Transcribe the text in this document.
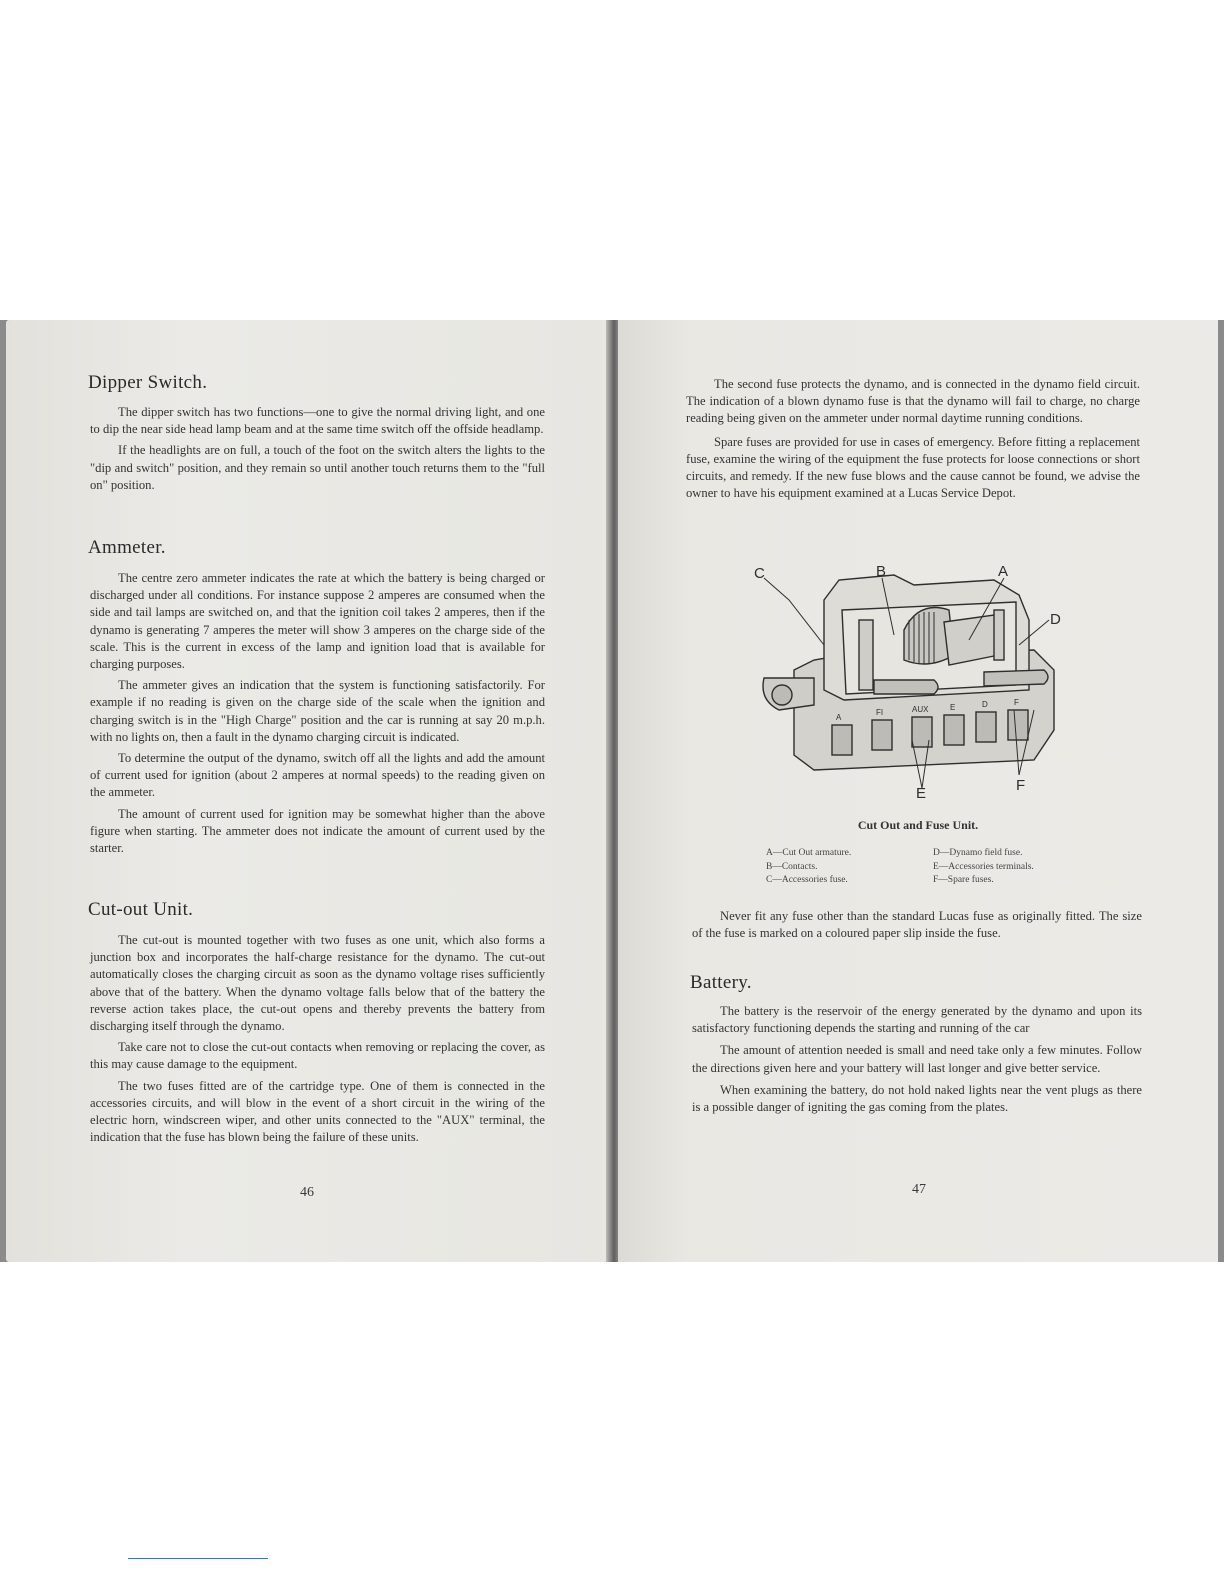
Dipper Switch.

The dipper switch has two functions—one to give the normal driving light, and one to dip the near side head lamp beam and at the same time switch off the offside headlamp.

If the headlights are on full, a touch of the foot on the switch alters the lights to the "dip and switch" position, and they remain so until another touch returns them to the "full on" position.

Ammeter.

The centre zero ammeter indicates the rate at which the battery is being charged or discharged under all conditions. For instance suppose 2 amperes are consumed when the side and tail lamps are switched on, and that the ignition coil takes 2 amperes, then if the dynamo is generating 7 amperes the meter will show 3 amperes on the charge side of the scale. This is the current in excess of the lamp and ignition load that is available for charging purposes.

The ammeter gives an indication that the system is functioning satisfactorily. For example if no reading is given on the charge side of the scale when the ignition and charging switch is in the "High Charge" position and the car is running at say 20 m.p.h. with no lights on, then a fault in the dynamo charging circuit is indicated.

To determine the output of the dynamo, switch off all the lights and add the amount of current used for ignition (about 2 amperes at normal speeds) to the reading given on the ammeter.

The amount of current used for ignition may be somewhat higher than the above figure when starting. The ammeter does not indicate the amount of current used by the starter.

Cut-out Unit.

The cut-out is mounted together with two fuses as one unit, which also forms a junction box and incorporates the half-charge resistance for the dynamo. The cut-out automatically closes the charging circuit as soon as the dynamo voltage rises sufficiently above that of the battery. When the dynamo voltage falls below that of the battery the reverse action takes place, the cut-out opens and thereby prevents the battery from discharging itself through the dynamo.

Take care not to close the cut-out contacts when removing or replacing the cover, as this may cause damage to the equipment.

The two fuses fitted are of the cartridge type. One of them is connected in the accessories circuits, and will blow in the event of a short circuit in the wiring of the electric horn, windscreen wiper, and other units connected to the "AUX" terminal, the indication that the fuse has blown being the failure of these units.

46

The second fuse protects the dynamo, and is connected in the dynamo field circuit. The indication of a blown dynamo fuse is that the dynamo will fail to charge, no charge reading being given on the ammeter under normal daytime running conditions.

Spare fuses are provided for use in cases of emergency. Before fitting a replacement fuse, examine the wiring of the equipment the fuse protects for loose connections or short circuits, and remedy. If the new fuse blows and the cause cannot be found, we advise the owner to have his equipment examined at a Lucas Service Depot.

C	B	A
D
F
E
A
FI	AUX	E	D	F
Cut Out and Fuse Unit.
A—Cut Out armature.
B—Contacts.
C—Accessories fuse.
D—Dynamo field fuse.
E—Accessories terminals.
F—Spare fuses.

Never fit any fuse other than the standard Lucas fuse as originally fitted. The size of the fuse is marked on a coloured paper slip inside the fuse.

Battery.

The battery is the reservoir of the energy generated by the dynamo and upon its satisfactory functioning depends the starting and running of the car

The amount of attention needed is small and need take only a few minutes. Follow the directions given here and your battery will last longer and give better service.

When examining the battery, do not hold naked lights near the vent plugs as there is a possible danger of igniting the gas coming from the plates.

47
